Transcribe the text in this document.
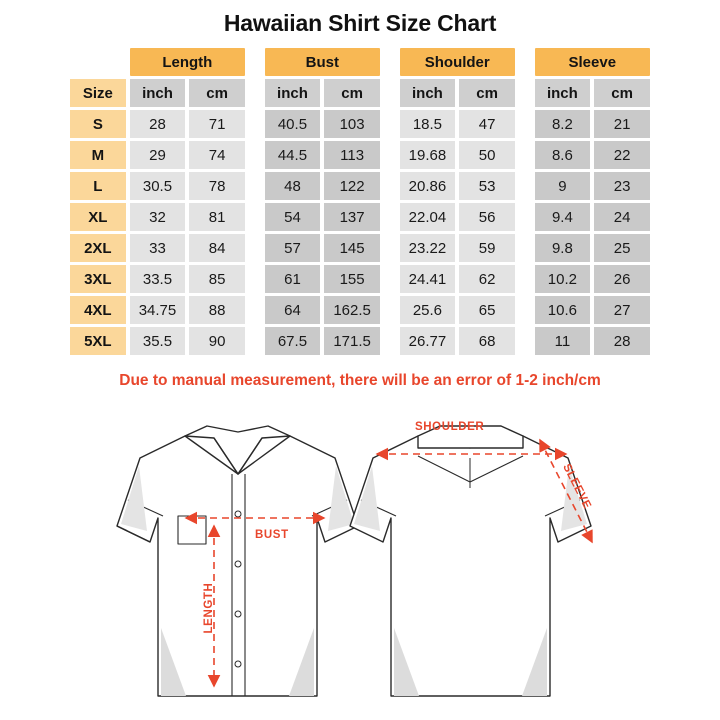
Hawaiian Shirt Size Chart
	Length			Bust			Shoulder			Sleeve	
Size	inch	cm		inch	cm		inch	cm		inch	cm
S	28	71		40.5	103		18.5	47		8.2	21
M	29	74		44.5	113		19.68	50		8.6	22
L	30.5	78		48	122		20.86	53		9	23
XL	32	81		54	137		22.04	56		9.4	24
2XL	33	84		57	145		23.22	59		9.8	25
3XL	33.5	85		61	155		24.41	62		10.2	26
4XL	34.75	88		64	162.5		25.6	65		10.6	27
5XL	35.5	90		67.5	171.5		26.77	68		11	28
Due to manual measurement, there will be an error of 1-2 inch/cm
BUST
LENGTH
SHOULDER
SLEEVE
